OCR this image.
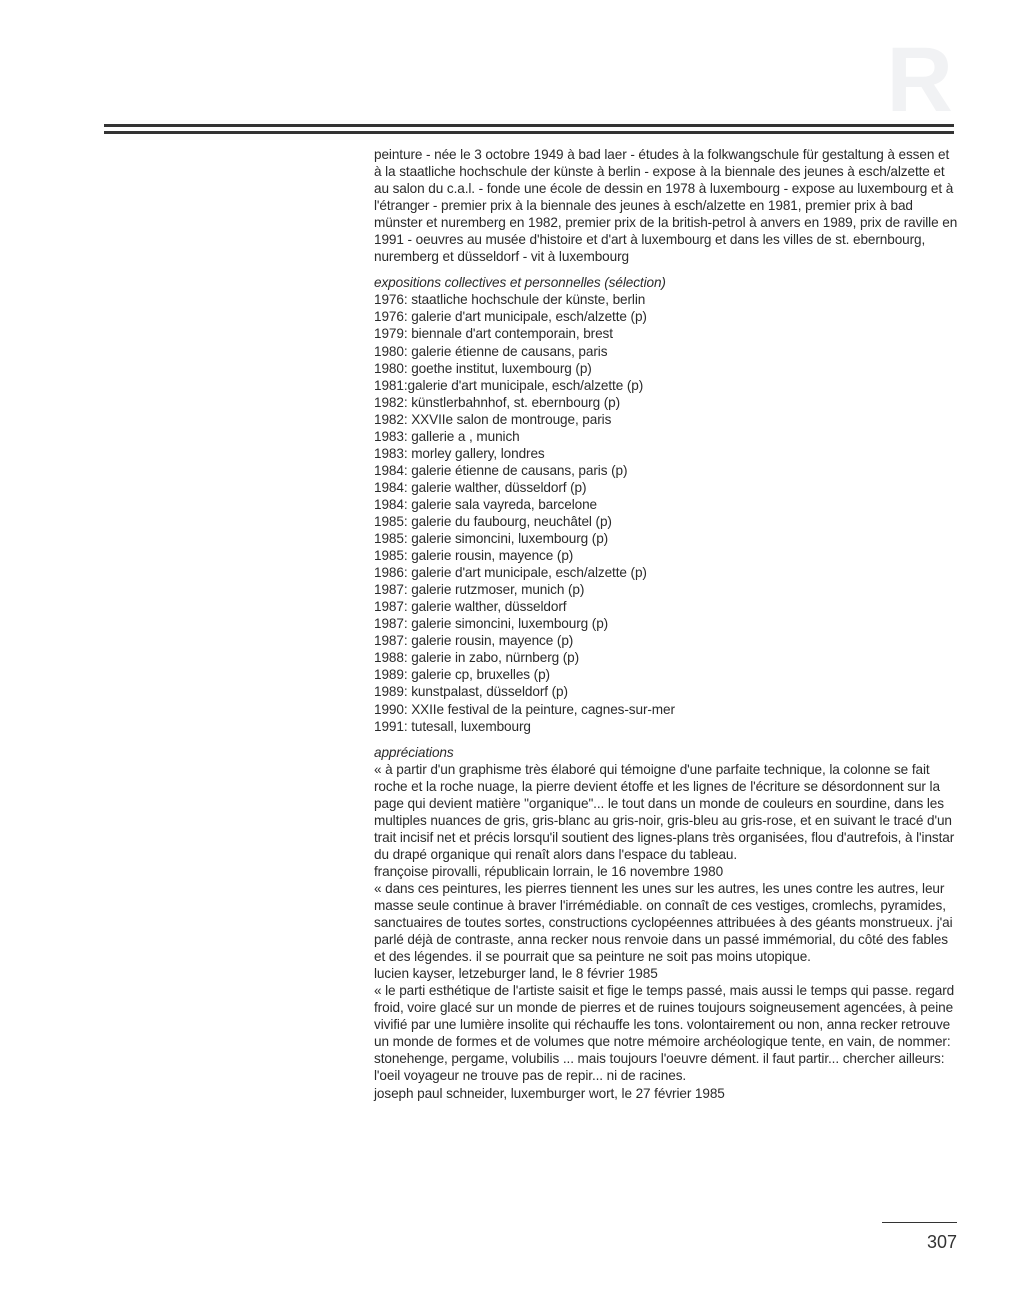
R

peinture - née le 3 octobre 1949 à bad laer - études à la folkwangschule für gestaltung à essen et à la staatliche hochschule der künste à berlin - expose à la biennale des jeunes à esch/alzette et au salon du c.a.l. - fonde une école de dessin en 1978 à luxembourg - expose au luxembourg et à l'étranger - premier prix à la biennale des jeunes à esch/alzette en 1981, premier prix à bad münster et nuremberg en 1982, premier prix de la british-petrol à anvers en 1989, prix de raville en 1991 - oeuvres au musée d'histoire et d'art à luxembourg et dans les villes de st. ebernbourg, nuremberg et düsseldorf - vit à luxembourg

expositions collectives et personnelles (sélection)

1976: staatliche hochschule der künste, berlin
1976: galerie d'art municipale, esch/alzette (p)
1979: biennale d'art contemporain, brest
1980: galerie étienne de causans, paris
1980: goethe institut, luxembourg (p)
1981:galerie d'art municipale, esch/alzette (p)
1982: künstlerbahnhof, st. ebernbourg (p)
1982: XXVIIe salon de montrouge, paris
1983: gallerie a , munich
1983: morley gallery, londres
1984: galerie étienne de causans, paris (p)
1984: galerie walther, düsseldorf (p)
1984: galerie sala vayreda, barcelone
1985: galerie du faubourg, neuchâtel (p)
1985: galerie simoncini, luxembourg (p)
1985: galerie rousin, mayence (p)
1986: galerie d'art municipale, esch/alzette (p)
1987: galerie rutzmoser, munich (p)
1987: galerie walther, düsseldorf
1987: galerie simoncini, luxembourg (p)
1987: galerie rousin, mayence (p)
1988: galerie in zabo, nürnberg (p)
1989: galerie cp, bruxelles (p)
1989: kunstpalast, düsseldorf (p)
1990: XXIIe festival de la peinture, cagnes-sur-mer
1991: tutesall, luxembourg

appréciations

« à partir d'un graphisme très élaboré qui témoigne d'une parfaite technique, la colonne se fait roche et la roche nuage, la pierre devient étoffe et les lignes de l'écriture se désordonnent sur la page qui devient matière "organique"... le tout dans un monde de couleurs en sourdine, dans les multiples nuances de gris, gris-blanc au gris-noir, gris-bleu au gris-rose, et en suivant le tracé d'un trait incisif net et précis lorsqu'il soutient des lignes-plans très organisées, flou d'autrefois, à l'instar du drapé organique qui renaît alors dans l'espace du tableau.

françoise pirovalli, républicain lorrain, le 16 novembre 1980

« dans ces peintures, les pierres tiennent les unes sur les autres, les unes contre les autres, leur masse seule continue à braver l'irrémédiable. on connaît de ces vestiges, cromlechs, pyramides, sanctuaires de toutes sortes, constructions cyclopéennes attribuées à des géants monstrueux. j'ai parlé déjà de contraste, anna recker nous renvoie dans un passé immémorial, du côté des fables et des légendes. il se pourrait que sa peinture ne soit pas moins utopique.

lucien kayser, letzeburger land, le 8 février 1985

« le parti esthétique de l'artiste saisit et fige le temps passé, mais aussi le temps qui passe. regard froid, voire glacé sur un monde de pierres et de ruines toujours soigneusement agencées, à peine vivifié par une lumière insolite qui réchauffe les tons. volontairement ou non, anna recker retrouve un monde de formes et de volumes que notre mémoire archéologique tente, en vain, de nommer: stonehenge, pergame, volubilis ... mais toujours l'oeuvre dément. il faut partir... chercher ailleurs: l'oeil voyageur ne trouve pas de repir... ni de racines.

joseph paul schneider, luxemburger wort, le 27 février 1985

307
